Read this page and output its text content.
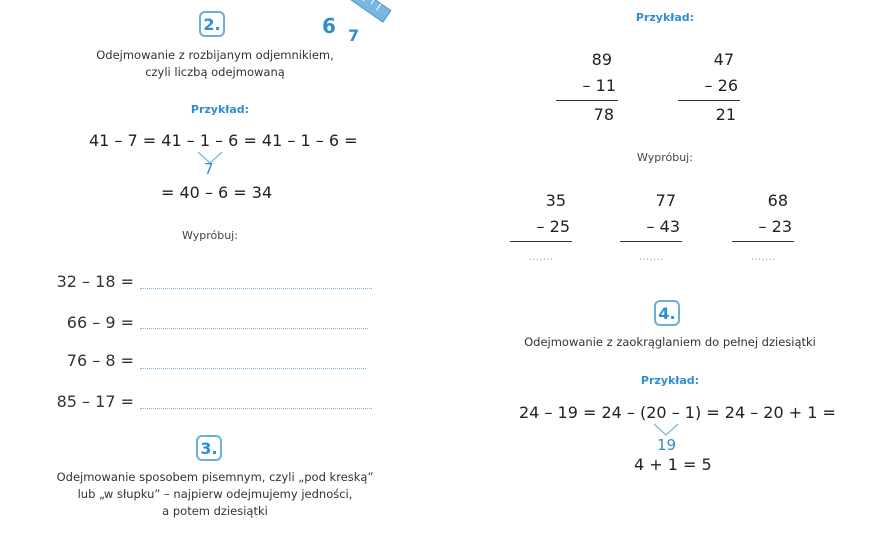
2.	6 7
Odejmowanie z rozbijanym odjemnikiem,
czyli liczbą odejmowaną
Przykład:
41 – 7 = 41 – 1 – 6 = 41 – 1 – 6 =
7
= 40 – 6 = 34
Wypróbuj:
32 – 18 =
66 – 9 =
76 – 8 =
85 – 17 =
3.
Odejmowanie sposobem pisemnym, czyli „pod kreską”
lub „w słupku” – najpierw odejmujemy jedności,
a potem dziesiątki
Przykład:
89
– 11
78
47
– 26
21
Wypróbuj:
35
– 25
.......
77
– 43
.......
68
– 23
.......
4.
Odejmowanie z zaokrąglaniem do pełnej dziesiątki
Przykład:
24 – 19 = 24 – (20 – 1) = 24 – 20 + 1 =
19
4 + 1 = 5
